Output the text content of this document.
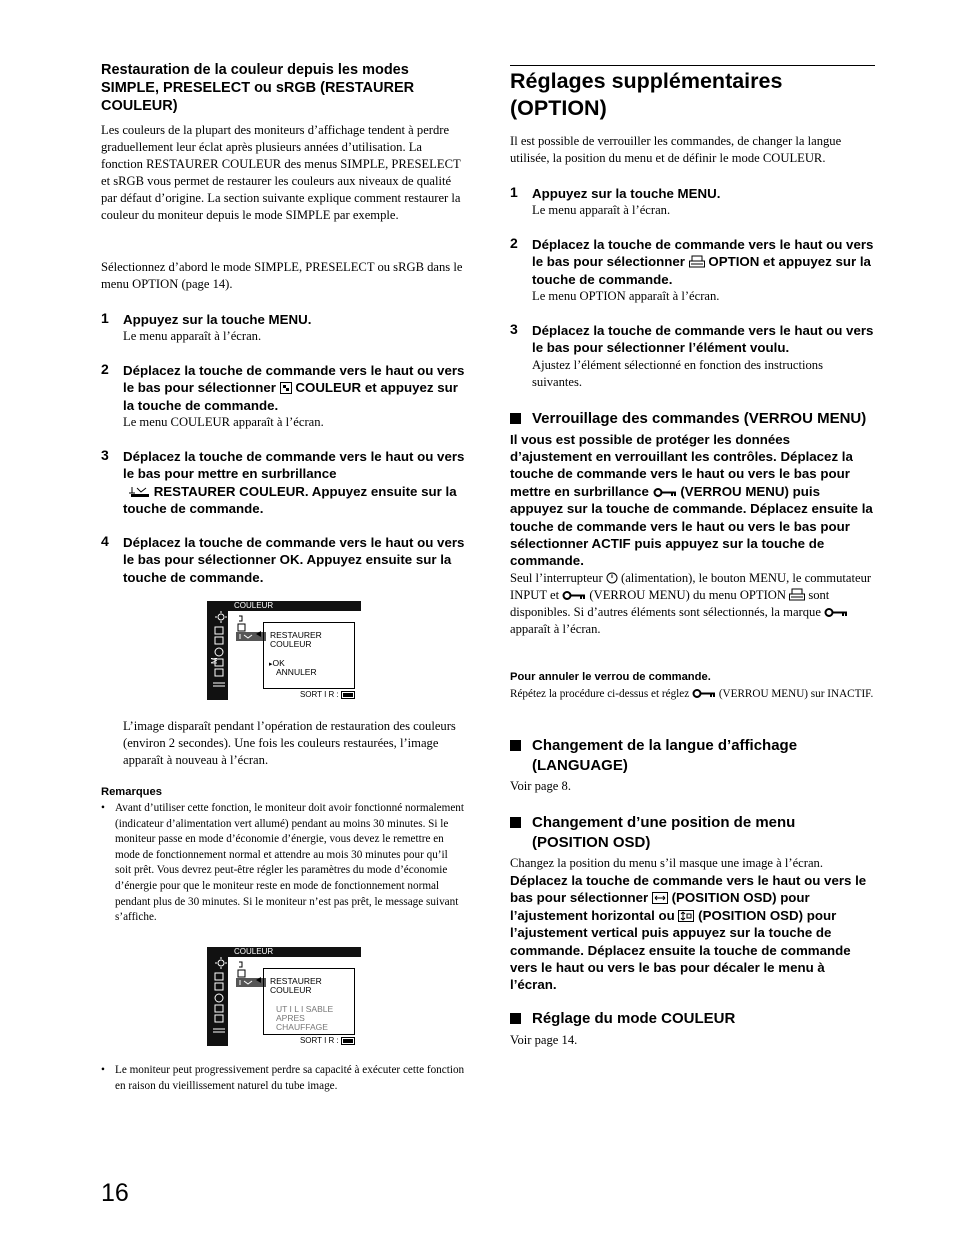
Restauration de la couleur depuis les modes SIMPLE, PRESELECT ou sRGB (RESTAURER COULEUR)
Les couleurs de la plupart des moniteurs d’affichage tendent à perdre graduellement leur éclat après plusieurs années d’utilisation. La fonction RESTAURER COULEUR des menus SIMPLE, PRESELECT et sRGB vous permet de restaurer les couleurs aux niveaux de qualité par défaut d’origine. La section suivante explique comment restaurer la couleur du moniteur depuis le mode SIMPLE par exemple.
Sélectionnez d’abord le mode SIMPLE, PRESELECT ou sRGB dans le menu OPTION (page 14).
1 Appuyez sur la touche MENU.
Le menu apparaît à l’écran.
2 Déplacez la touche de commande vers le haut ou vers le bas pour sélectionner COULEUR et appuyez sur la touche de commande.
Le menu COULEUR apparaît à l’écran.
3 Déplacez la touche de commande vers le haut ou vers le bas pour mettre en surbrillance
RESTAURER COULEUR. Appuyez ensuite sur la touche de commande.
4 Déplacez la touche de commande vers le haut ou vers le bas pour sélectionner OK. Appuyez ensuite sur la touche de commande.
M
COULEUR
RESTAURER
COULEUR
▸OK
ANNULER
SORT I R :
L’image disparaît pendant l’opération de restauration des couleurs (environ 2 secondes). Une fois les couleurs restaurées, l’image apparaît à nouveau à l’écran.
Remarques
• Avant d’utiliser cette fonction, le moniteur doit avoir fonctionné normalement (indicateur d’alimentation vert allumé) pendant au moins 30 minutes. Si le moniteur passe en mode d’économie d’énergie, vous devez le remettre en mode de fonctionnement normal et attendre au mois 30 minutes pour qu’il soit prêt. Vous devrez peut-être régler les paramètres du mode d’économie d’énergie pour que le moniteur reste en mode de fonctionnement normal pendant plus de 30 minutes. Si le moniteur n’est pas prêt, le message suivant s’affiche.
COULEUR
RESTAURER
COULEUR
UT I L I SABLE
APRES
CHAUFFAGE
SORT I R :
• Le moniteur peut progressivement perdre sa capacité à exécuter cette fonction en raison du vieillissement naturel du tube image.
Réglages supplémentaires (OPTION)
Il est possible de verrouiller les commandes, de changer la langue utilisée, la position du menu et de définir le mode COULEUR.
1 Appuyez sur la touche MENU.
Le menu apparaît à l’écran.
2 Déplacez la touche de commande vers le haut ou vers le bas pour sélectionner OPTION et appuyez sur la touche de commande.
Le menu OPTION apparaît à l’écran.
3 Déplacez la touche de commande vers le haut ou vers le bas pour sélectionner l’élément voulu.
Ajustez l’élément sélectionné en fonction des instructions suivantes.
Verrouillage des commandes (VERROU MENU)
Il vous est possible de protéger les données d’ajustement en verrouillant les contrôles. Déplacez la touche de commande vers le haut ou vers le bas pour mettre en surbrillance (VERROU MENU) puis appuyez sur la touche de commande. Déplacez ensuite la touche de commande vers le haut ou vers le bas pour sélectionner ACTIF puis appuyez sur la touche de commande.
Seul l’interrupteur (alimentation), le bouton MENU, le commutateur INPUT et (VERROU MENU) du menu OPTION sont disponibles. Si d’autres éléments sont sélectionnés, la marque  apparaît à l’écran.
Pour annuler le verrou de commande.
Répétez la procédure ci-dessus et réglez	(VERROU MENU) sur INACTIF.
Changement de la langue d’affichage (LANGUAGE)
Voir page 8.
Changement d’une position de menu (POSITION OSD)
Changez la position du menu s’il masque une image à l’écran.
Déplacez la touche de commande vers le haut ou vers le bas pour sélectionner (POSITION OSD) pour l’ajustement horizontal ou (POSITION OSD) pour l’ajustement vertical puis appuyez sur la touche de commande. Déplacez ensuite la touche de commande vers le haut ou vers le bas pour décaler le menu à l’écran.
Réglage du mode COULEUR
Voir page 14.
16
